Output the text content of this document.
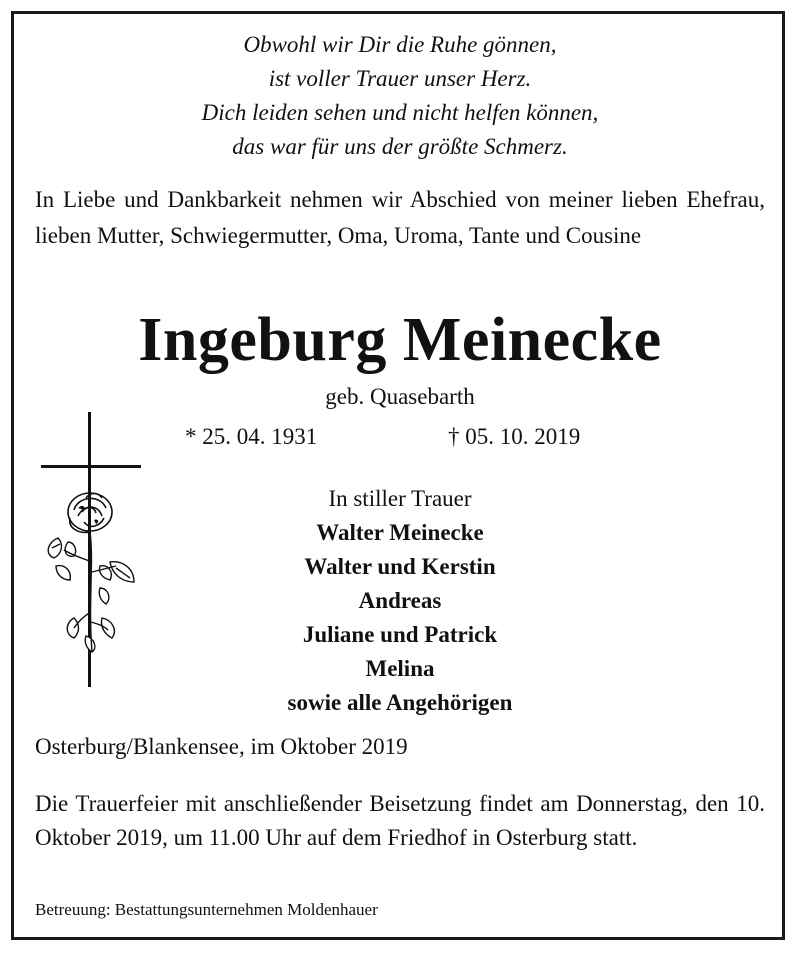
Obwohl wir Dir die Ruhe gönnen,
ist voller Trauer unser Herz.
Dich leiden sehen und nicht helfen können,
das war für uns der größte Schmerz.
In Liebe und Dankbarkeit nehmen wir Abschied von meiner lieben Ehefrau, lieben Mutter, Schwiegermutter, Oma, Uroma, Tante und Cousine
Ingeburg Meinecke
geb. Quasebarth
* 25. 04. 1931	† 05. 10. 2019
In stiller Trauer
Walter Meinecke
Walter und Kerstin
Andreas
Juliane und Patrick
Melina
sowie alle Angehörigen
Osterburg/Blankensee, im Oktober 2019
Die Trauerfeier mit anschließender Beisetzung findet am Donnerstag, den 10. Oktober 2019, um 11.00 Uhr auf dem Friedhof in Osterburg statt.
Betreuung: Bestattungsunternehmen Moldenhauer
